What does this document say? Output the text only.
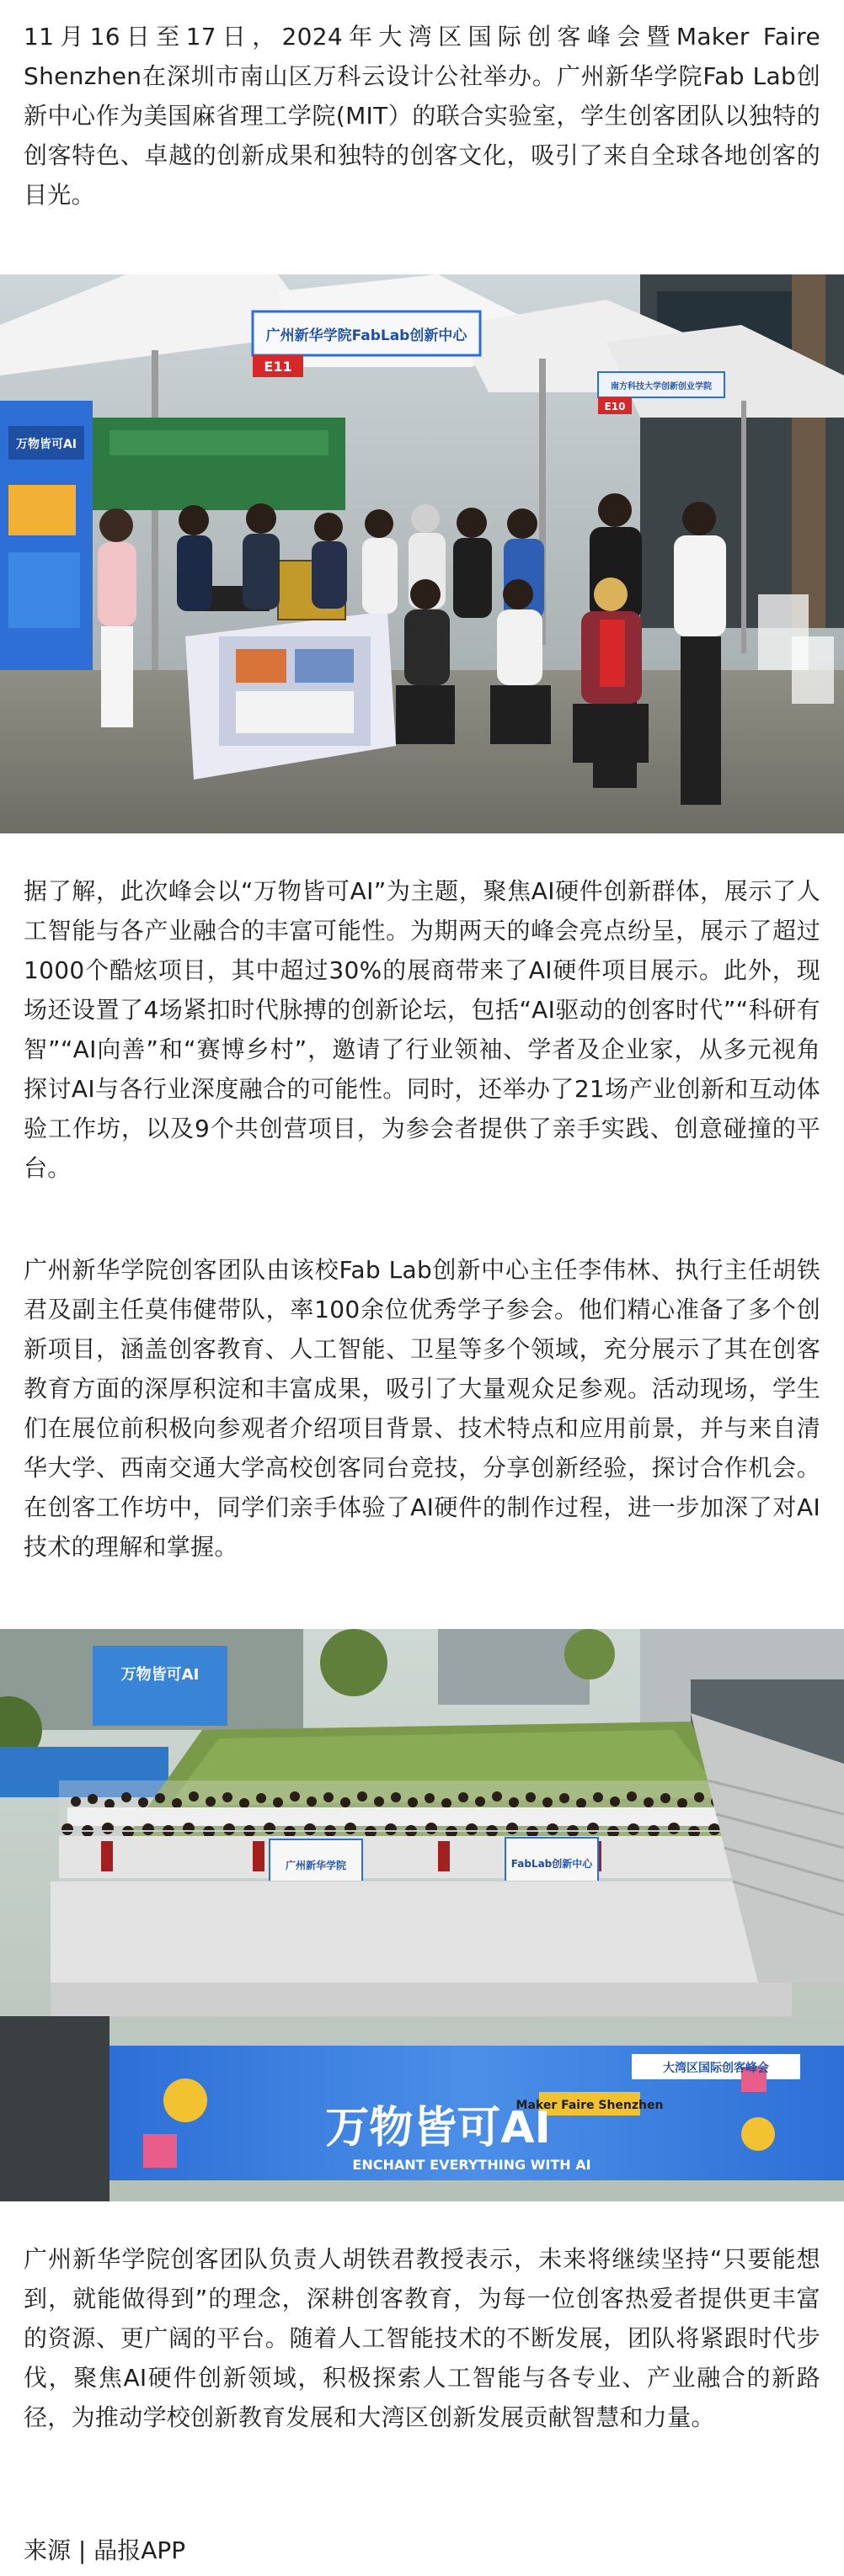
11月16日至17日，2024年大湾区国际创客峰会暨Maker Faire Shenzhen在深圳市南山区万科云设计公社举办。广州新华学院Fab Lab创新中心作为美国麻省理工学院(MIT）的联合实验室，学生创客团队以独特的创客特色、卓越的创新成果和独特的创客文化，吸引了来自全球各地创客的目光。

广州新华学院FabLab创新中心
E11
南方科技大学创新创业学院
E10
万物皆可AI

据了解，此次峰会以“万物皆可AI”为主题，聚焦AI硬件创新群体，展示了人工智能与各产业融合的丰富可能性。为期两天的峰会亮点纷呈，展示了超过1000个酷炫项目，其中超过30%的展商带来了AI硬件项目展示。此外，现场还设置了4场紧扣时代脉搏的创新论坛，包括“AI驱动的创客时代”“科研有智”“AI向善”和“赛博乡村”，邀请了行业领袖、学者及企业家，从多元视角探讨AI与各行业深度融合的可能性。同时，还举办了21场产业创新和互动体验工作坊，以及9个共创营项目，为参会者提供了亲手实践、创意碰撞的平台。

广州新华学院创客团队由该校Fab Lab创新中心主任李伟林、执行主任胡铁君及副主任莫伟健带队，率100余位优秀学子参会。他们精心准备了多个创新项目，涵盖创客教育、人工智能、卫星等多个领域，充分展示了其在创客教育方面的深厚积淀和丰富成果，吸引了大量观众足参观。活动现场，学生们在展位前积极向参观者介绍项目背景、技术特点和应用前景，并与来自清华大学、西南交通大学高校创客同台竞技，分享创新经验，探讨合作机会。在创客工作坊中，同学们亲手体验了AI硬件的制作过程，进一步加深了对AI技术的理解和掌握。

万物皆可AI
广州新华学院	FabLab创新中心
大湾区国际创客峰会
Maker Faire Shenzhen
万物皆可AI
ENCHANT EVERYTHING WITH AI

广州新华学院创客团队负责人胡铁君教授表示，未来将继续坚持“只要能想到，就能做得到”的理念，深耕创客教育，为每一位创客热爱者提供更丰富的资源、更广阔的平台。随着人工智能技术的不断发展，团队将紧跟时代步伐，聚焦AI硬件创新领域，积极探索人工智能与各专业、产业融合的新路径，为推动学校创新教育发展和大湾区创新发展贡献智慧和力量。

来源 | 晶报APP
